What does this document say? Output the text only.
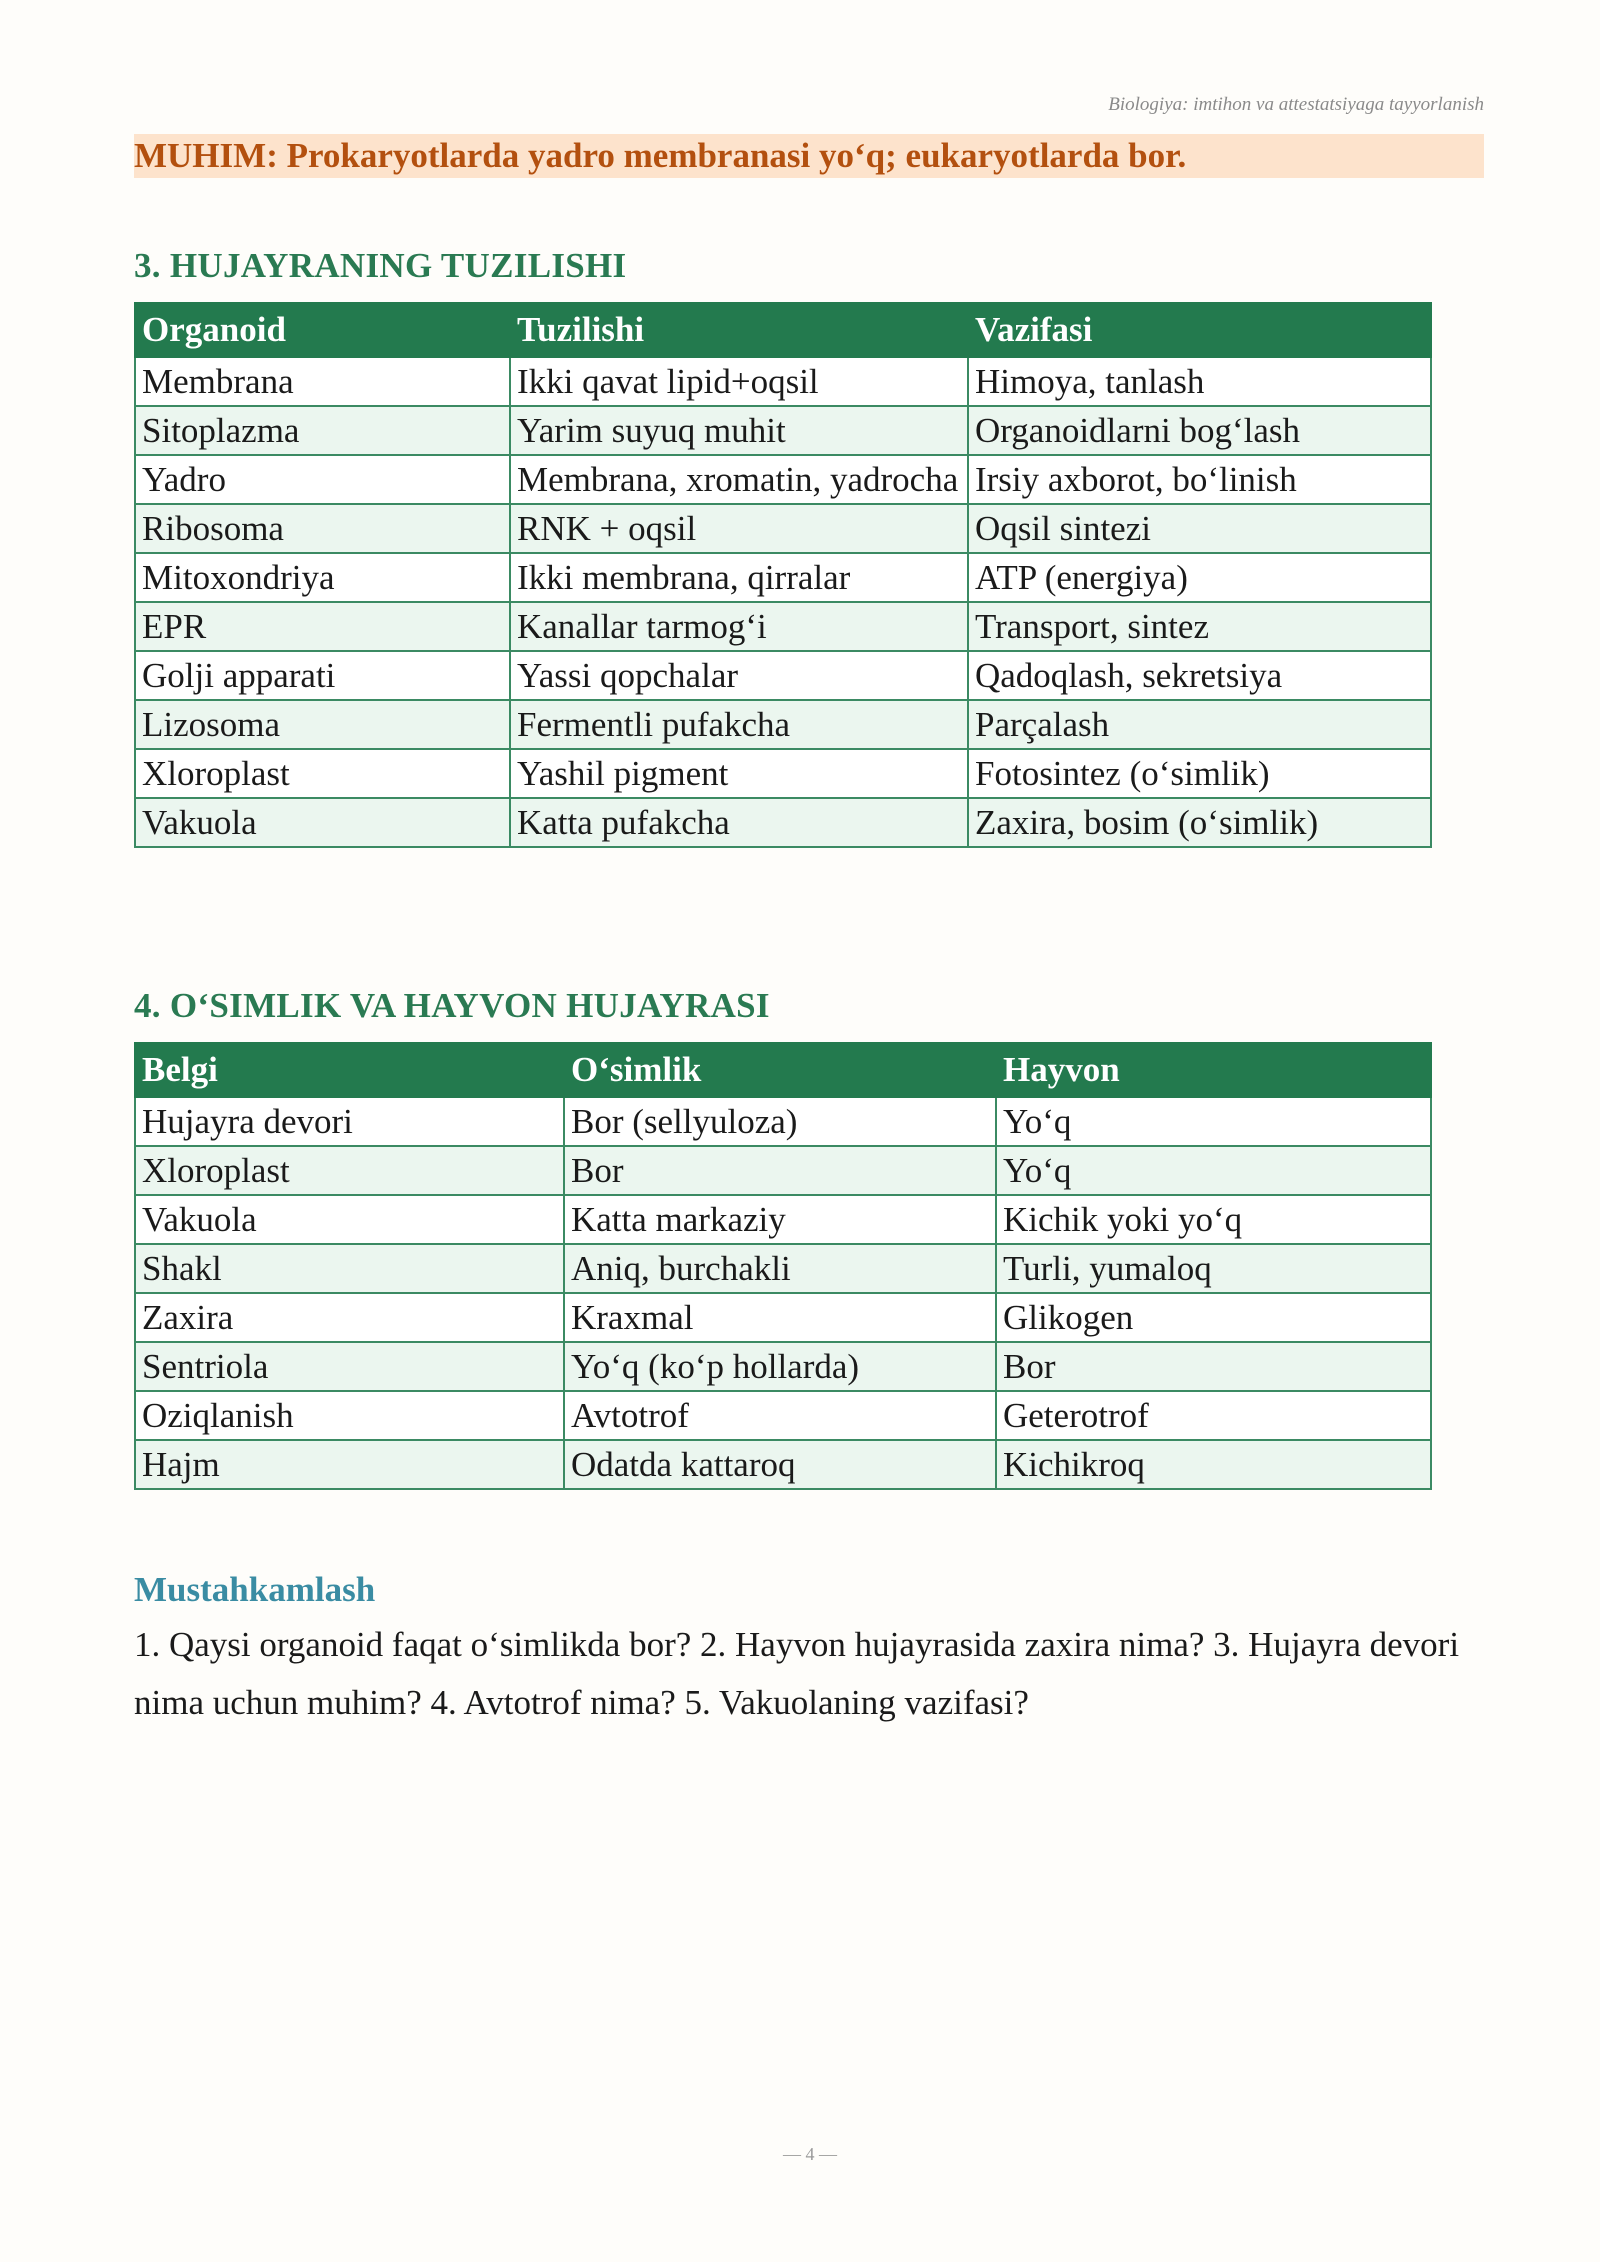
Biologiya: imtihon va attestatsiyaga tayyorlanish
MUHIM: Prokaryotlarda yadro membranasi yo‘q; eukaryotlarda bor.
3. HUJAYRANING TUZILISHI
Organoid	Tuzilishi	Vazifasi
Membrana	Ikki qavat lipid+oqsil	Himoya, tanlash
Sitoplazma	Yarim suyuq muhit	Organoidlarni bog‘lash
Yadro	Membrana, xromatin, yadrocha	Irsiy axborot, bo‘linish
Ribosoma	RNK + oqsil	Oqsil sintezi
Mitoxondriya	Ikki membrana, qirralar	ATP (energiya)
EPR	Kanallar tarmog‘i	Transport, sintez
Golji apparati	Yassi qopchalar	Qadoqlash, sekretsiya
Lizosoma	Fermentli pufakcha	Parçalash
Xloroplast	Yashil pigment	Fotosintez (o‘simlik)
Vakuola	Katta pufakcha	Zaxira, bosim (o‘simlik)
4. O‘SIMLIK VA HAYVON HUJAYRASI
Belgi	O‘simlik	Hayvon
Hujayra devori	Bor (sellyuloza)	Yo‘q
Xloroplast	Bor	Yo‘q
Vakuola	Katta markaziy	Kichik yoki yo‘q
Shakl	Aniq, burchakli	Turli, yumaloq
Zaxira	Kraxmal	Glikogen
Sentriola	Yo‘q (ko‘p hollarda)	Bor
Oziqlanish	Avtotrof	Geterotrof
Hajm	Odatda kattaroq	Kichikroq
Mustahkamlash
1. Qaysi organoid faqat o‘simlikda bor? 2. Hayvon hujayrasida zaxira nima? 3. Hujayra devori nima uchun muhim? 4. Avtotrof nima? 5. Vakuolaning vazifasi?
— 4 —
